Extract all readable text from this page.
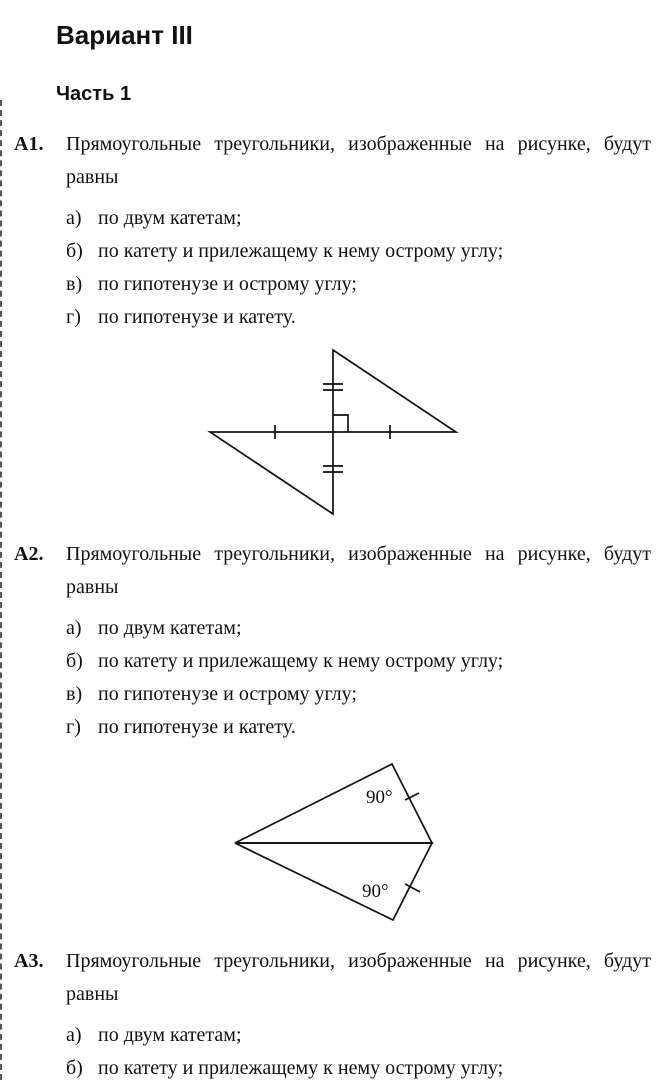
Вариант III
Часть 1
А1. Прямоугольные треугольники, изображенные на рисунке, будут равны
а) по двум катетам;
б) по катету и прилежащему к нему острому углу;
в) по гипотенузе и острому углу;
г) по гипотенузе и катету.
А2. Прямоугольные треугольники, изображенные на рисунке, будут равны
а) по двум катетам;
б) по катету и прилежащему к нему острому углу;
в) по гипотенузе и острому углу;
г) по гипотенузе и катету.
90°
90°
А3. Прямоугольные треугольники, изображенные на рисунке, будут равны
а) по двум катетам;
б) по катету и прилежащему к нему острому углу;
